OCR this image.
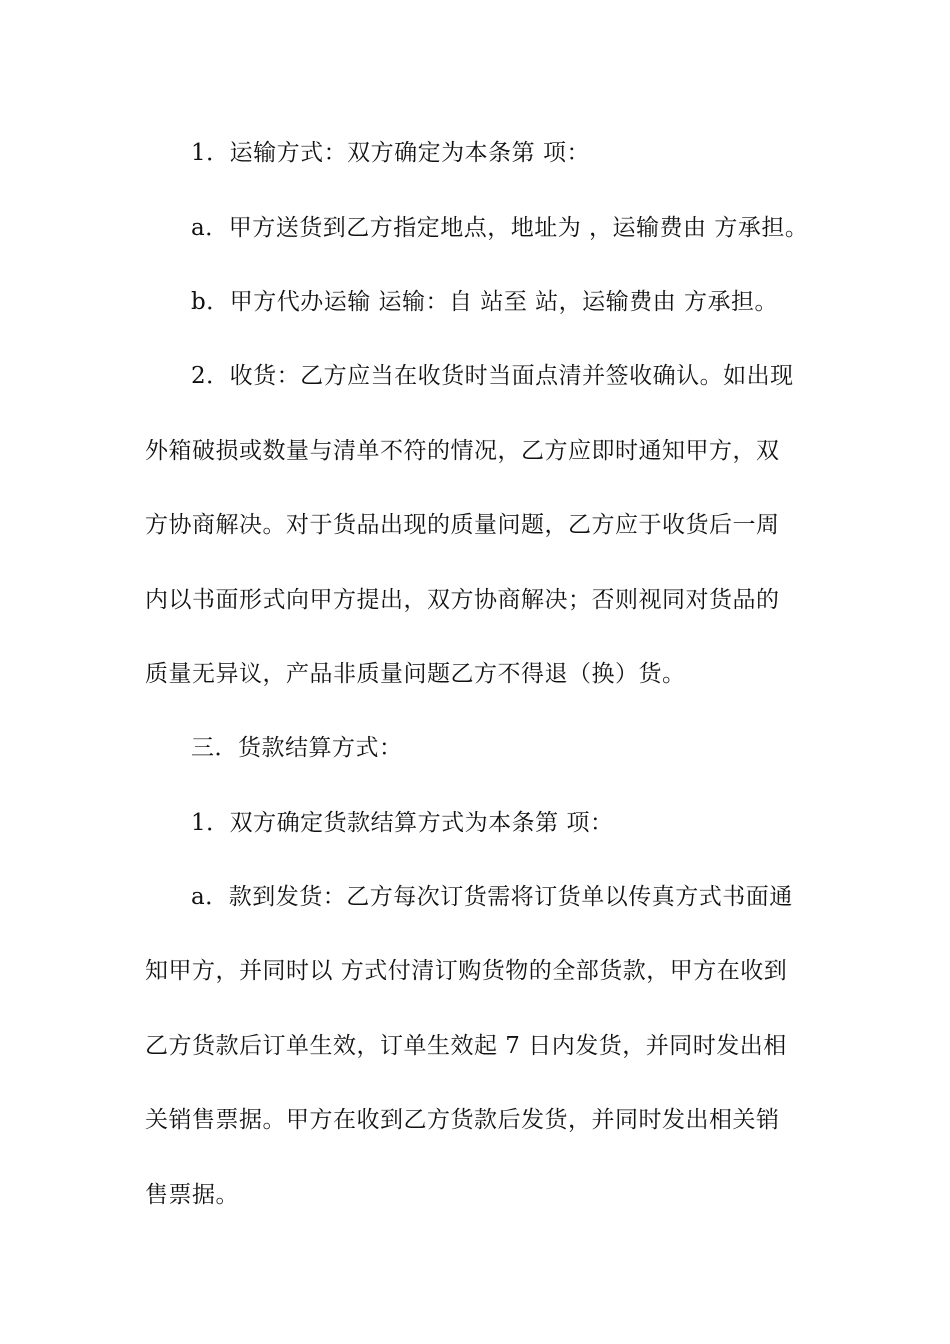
1．运输方式：双方确定为本条第 项：

a．甲方送货到乙方指定地点，地址为 ，运输费由 方承担。

b．甲方代办运输 运输：自 站至 站，运输费由 方承担。

2．收货：乙方应当在收货时当面点清并签收确认。如出现

外箱破损或数量与清单不符的情况，乙方应即时通知甲方，双

方协商解决。对于货品出现的质量问题，乙方应于收货后一周

内以书面形式向甲方提出，双方协商解决；否则视同对货品的

质量无异议，产品非质量问题乙方不得退（换）货。

三．货款结算方式：

1．双方确定货款结算方式为本条第 项：

a．款到发货：乙方每次订货需将订货单以传真方式书面通

知甲方，并同时以 方式付清订购货物的全部货款，甲方在收到

乙方货款后订单生效，订单生效起 7 日内发货，并同时发出相

关销售票据。甲方在收到乙方货款后发货，并同时发出相关销

售票据。
